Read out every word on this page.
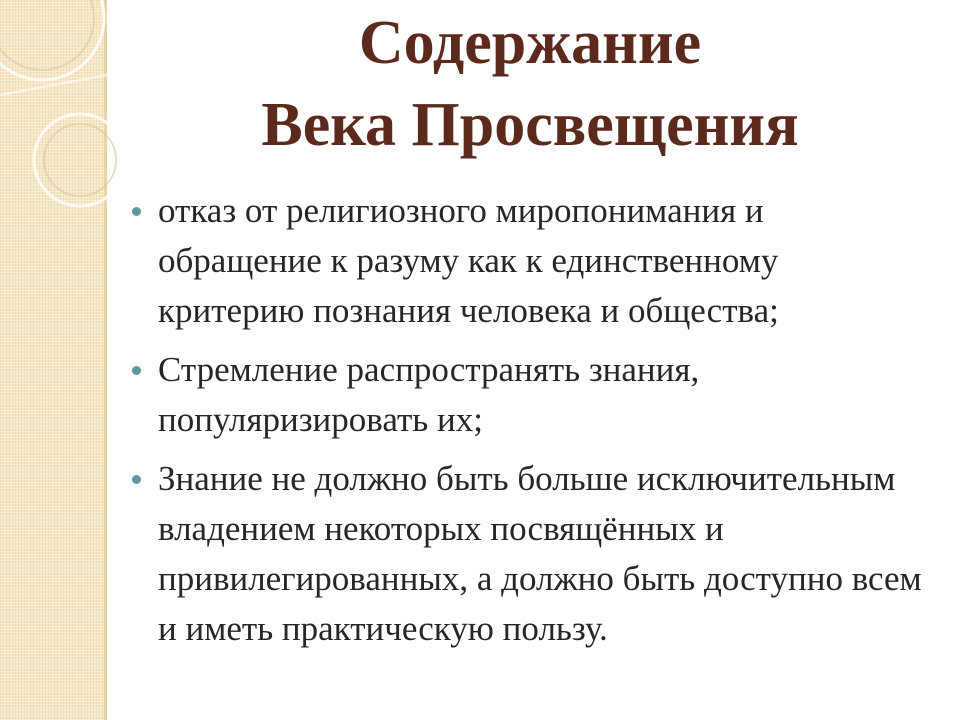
Содержание
Века Просвещения
отказ от религиозного миропонимания и обращение к разуму как к единственному критерию познания человека и общества;
Стремление распространять знания, популяризировать их;
Знание не должно быть больше исключительным владением некоторых посвящённых и привилегированных, а должно быть доступно всем и иметь практическую пользу.
